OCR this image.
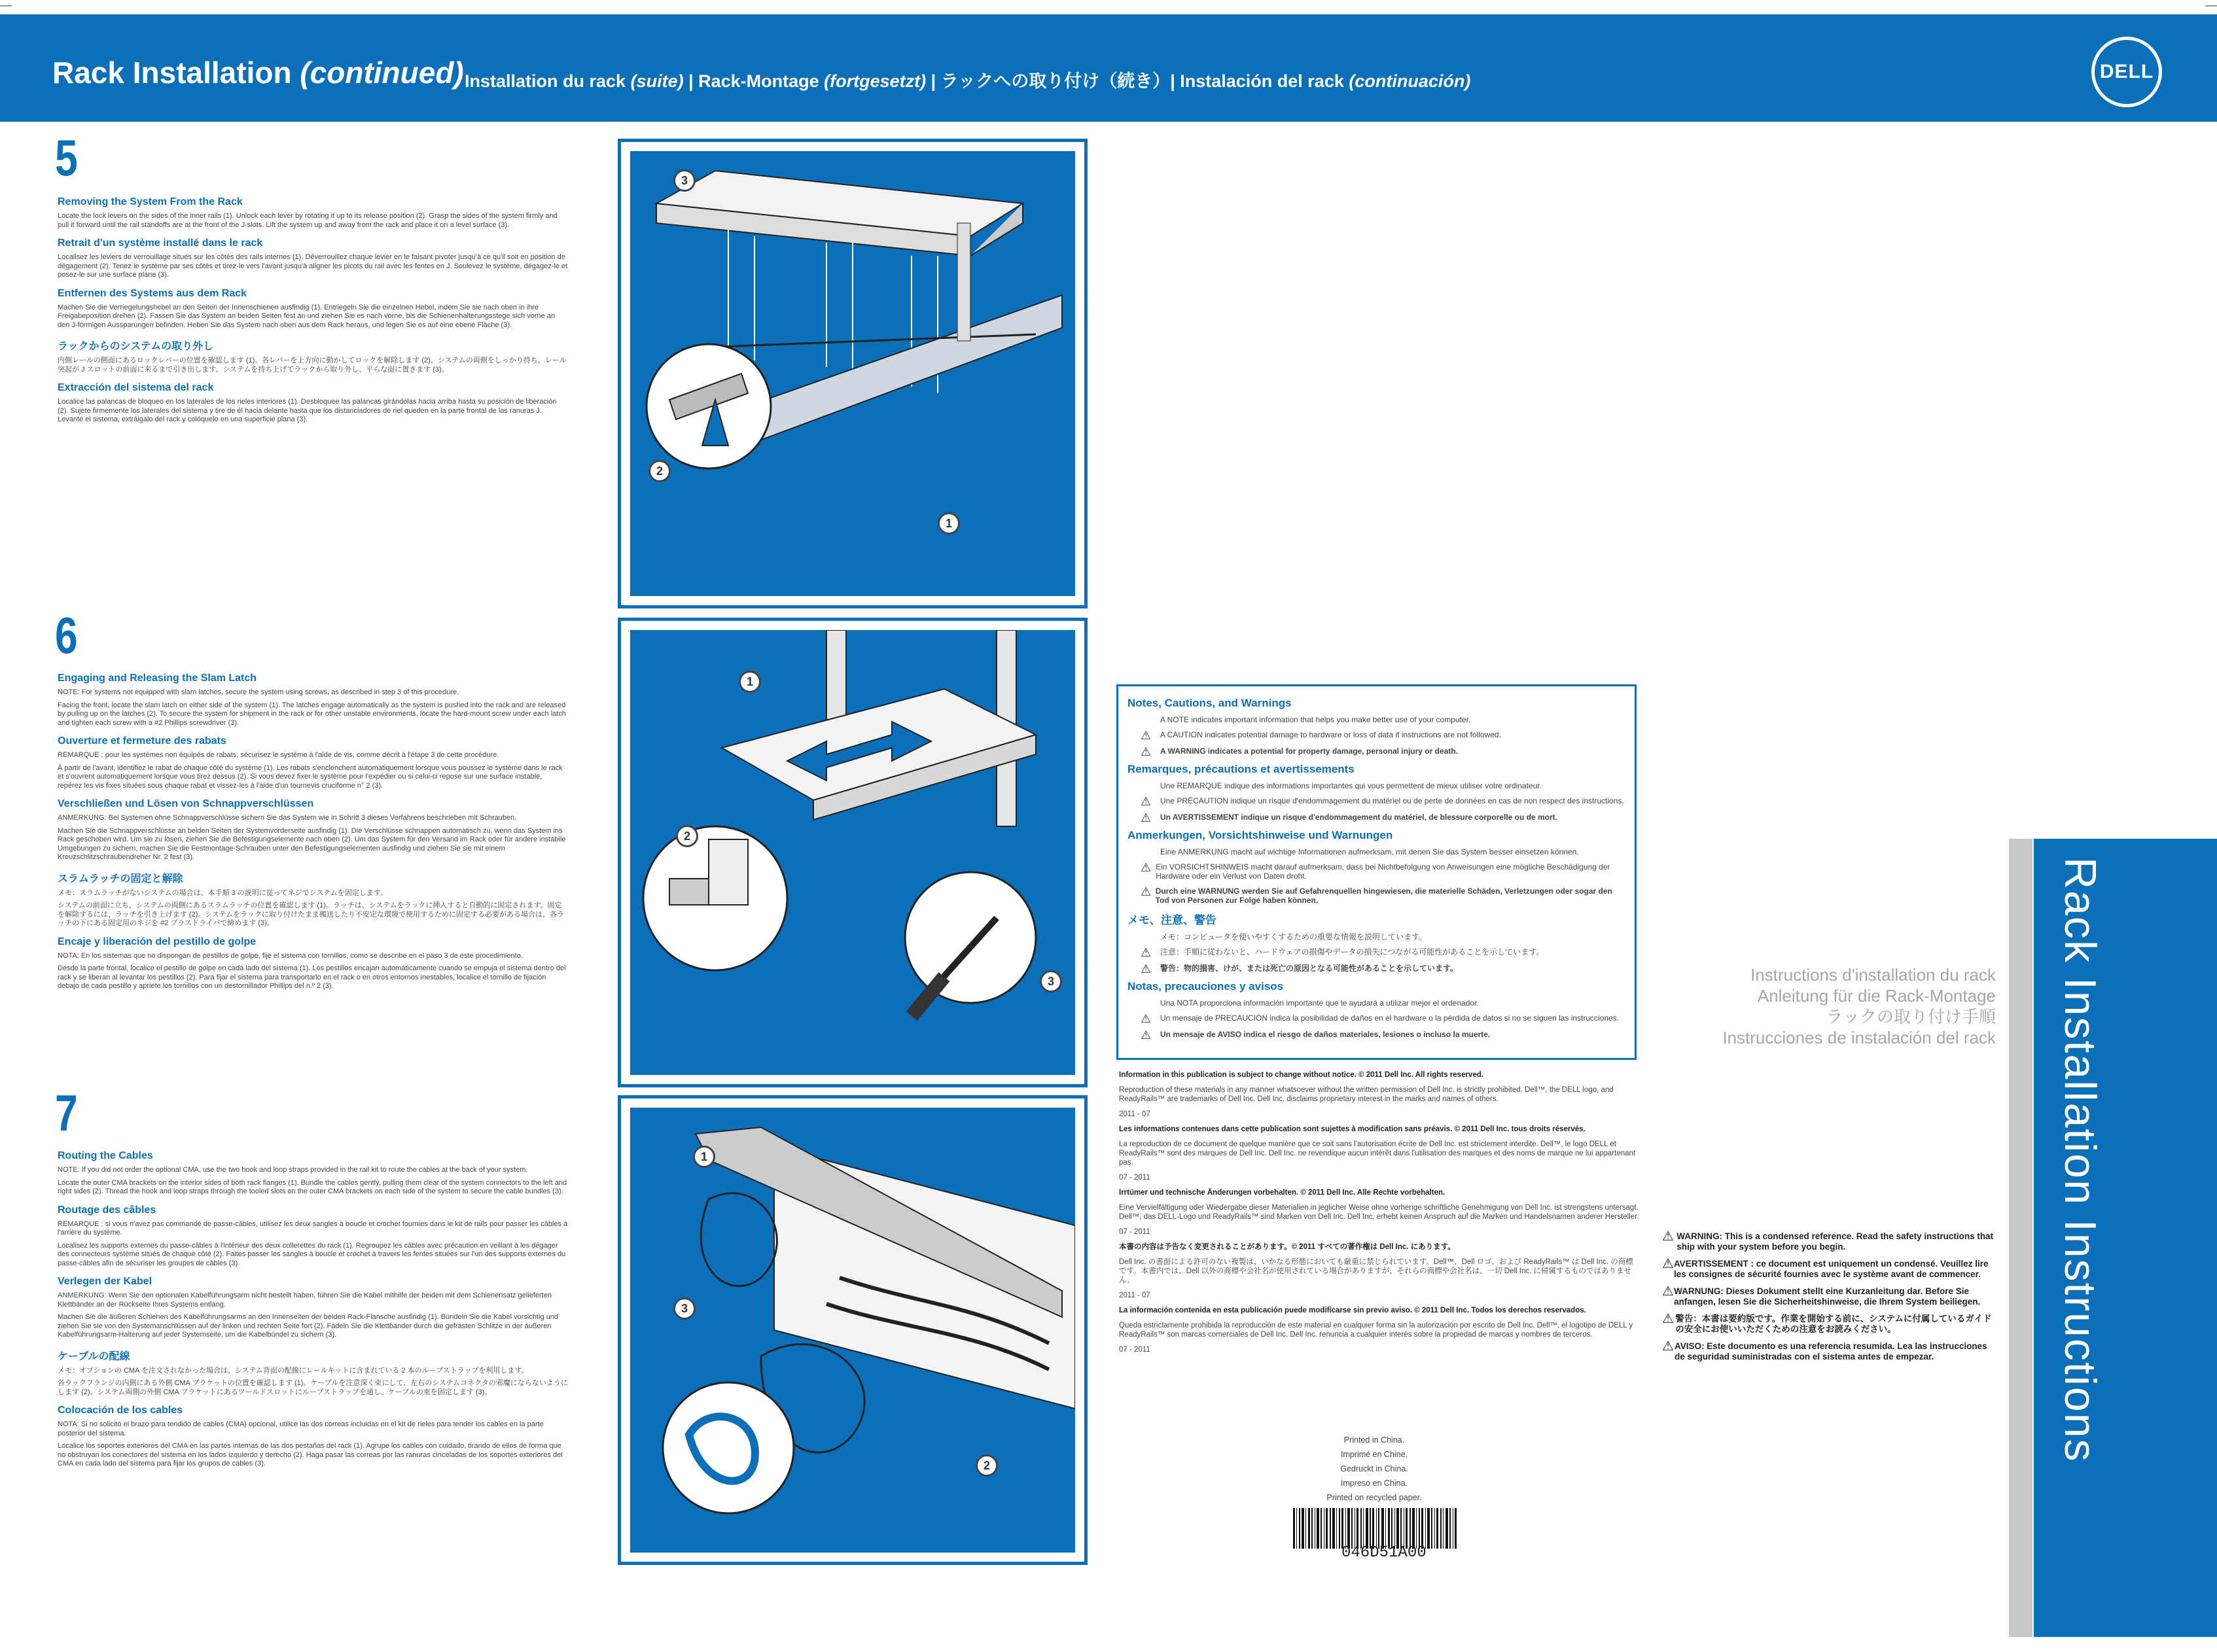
Rack Installation (continued) Installation du rack (suite) | Rack-Montage (fortgesetzt) | ラックへの取り付け（続き）| Instalación del rack (continuación)	DELL
5
Removing the System From the Rack

Locate the lock levers on the sides of the inner rails (1). Unlock each lever by rotating it up to its release position (2). Grasp the sides of the system firmly and pull it forward until the rail standoffs are at the front of the J-slots. Lift the system up and away from the rack and place it on a level surface (3).

Retrait d'un système installé dans le rack

Localisez les leviers de verrouillage situés sur les côtés des rails internes (1). Déverrouillez chaque levier en le faisant pivoter jusqu'à ce qu'il soit en position de dégagement (2). Tenez le système par ses côtés et tirez-le vers l'avant jusqu'à aligner les picots du rail avec les fentes en J. Soulevez le système, dégagez-le et posez-le sur une surface plane (3).

Entfernen des Systems aus dem Rack

Machen Sie die Verriegelungshebel an den Seiten der Innenschienen ausfindig (1). Entriegeln Sie die einzelnen Hebel, indem Sie sie nach oben in ihre Freigabeposition drehen (2). Fassen Sie das System an beiden Seiten fest an und ziehen Sie es nach vorne, bis die Schienenhalterungsstege sich vorne an den J-förmigen Aussparungen befinden. Heben Sie das System nach oben aus dem Rack heraus, und legen Sie es auf eine ebene Fläche (3).

ラックからのシステムの取り外し

内側レールの側面にあるロックレバーの位置を確認します (1)。各レバーを上方向に動かしてロックを解除します (2)。システムの両側をしっかり持ち、レール突起が J スロットの前面に来るまで引き出します。システムを持ち上げてラックから取り外し、平らな面に置きます (3)。

Extracción del sistema del rack

Localice las palancas de bloqueo en los laterales de los rieles interiores (1). Desbloquee las palancas girándolas hacia arriba hasta su posición de liberación (2). Sujete firmemente los laterales del sistema y tire de él hacia delante hasta que los distanciadores de riel queden en la parte frontal de las ranuras J. Levante el sistema, extráigalo del rack y colóquelo en una superficie plana (3).

3
2
1
6
Engaging and Releasing the Slam Latch

NOTE: For systems not equipped with slam latches, secure the system using screws, as described in step 3 of this procedure.

Facing the front, locate the slam latch on either side of the system (1). The latches engage automatically as the system is pushed into the rack and are released by pulling up on the latches (2). To secure the system for shipment in the rack or for other unstable environments, locate the hard-mount screw under each latch and tighten each screw with a #2 Phillips screwdriver (3).

Ouverture et fermeture des rabats

REMARQUE : pour les systèmes non équipés de rabats, sécurisez le système à l'aide de vis, comme décrit à l'étape 3 de cette procédure.

À partir de l'avant, identifiez le rabat de chaque côté du système (1). Les rabats s'enclenchent automatiquement lorsque vous poussez le système dans le rack et s'ouvrent automatiquement lorsque vous tirez dessus (2). Si vous devez fixer le système pour l'expédier ou si celui-ci repose sur une surface instable, repérez les vis fixes situées sous chaque rabat et vissez-les à l'aide d'un tournevis cruciforme n° 2 (3).

Verschließen und Lösen von Schnappverschlüssen

ANMERKUNG: Bei Systemen ohne Schnappverschlüsse sichern Sie das System wie in Schritt 3 dieses Verfahrens beschrieben mit Schrauben.

Machen Sie die Schnappverschlüsse an beiden Seiten der Systemvorderseite ausfindig (1). Die Verschlüsse schnappen automatisch zu, wenn das System ins Rack geschoben wird. Um sie zu lösen, ziehen Sie die Befestigungselemente nach oben (2). Um das System für den Versand im Rack oder für andere instabile Umgebungen zu sichern, machen Sie die Festmontage-Schrauben unter den Befestigungselementen ausfindig und ziehen Sie sie mit einem Kreuzschlitzschraubendreher Nr. 2 fest (3).

スラムラッチの固定と解除

メモ：スラムラッチがないシステムの場合は、本手順 3 の説明に従ってネジでシステムを固定します。

システムの前面に立ち、システムの両側にあるスラムラッチの位置を確認します (1)。ラッチは、システムをラックに挿入すると自動的に固定されます。固定を解除するには、ラッチを引き上げます (2)。システムをラックに取り付けたまま搬送したり不安定な環境で使用するために固定する必要がある場合は、各ラッチの下にある固定用のネジを #2 プラスドライバで締めます (3)。

Encaje y liberación del pestillo de golpe

NOTA: En los sistemas que no dispongan de pestillos de golpe, fije el sistema con tornillos, como se describe en el paso 3 de este procedimiento.

Desde la parte frontal, localice el pestillo de golpe en cada lado del sistema (1). Los pestillos encajan automáticamente cuando se empuja el sistema dentro del rack y se liberan al levantar los pestillos (2). Para fijar el sistema para transportarlo en el rack o en otros entornos inestables, localice el tornillo de fijación debajo de cada pestillo y apriete los tornillos con un destornillador Phillips del n.º 2 (3).

1
2
3
7
Routing the Cables

NOTE: If you did not order the optional CMA, use the two hook and loop straps provided in the rail kit to route the cables at the back of your system.

Locate the outer CMA brackets on the interior sides of both rack flanges (1). Bundle the cables gently, pulling them clear of the system connectors to the left and right sides (2). Thread the hook and loop straps through the tooled slots on the outer CMA brackets on each side of the system to secure the cable bundles (3).

Routage des câbles

REMARQUE : si vous n'avez pas commandé de passe-câbles, utilisez les deux sangles à boucle et crochet fournies dans le kit de rails pour passer les câbles à l'arrière du système.

Localisez les supports externes du passe-câbles à l'intérieur des deux collerettes du rack (1). Regroupez les câbles avec précaution en veillant à les dégager des connecteurs système situés de chaque côté (2). Faites passer les sangles à boucle et crochet à travers les fentes situées sur l'un des supports externes du passe-câbles afin de sécuriser les groupes de câbles (3).

Verlegen der Kabel

ANMERKUNG: Wenn Sie den optionalen Kabelführungsarm nicht bestellt haben, führen Sie die Kabel mithilfe der beiden mit dem Schienensatz gelieferten Klettbänder an der Rückseite Ihres Systems entlang.

Machen Sie die äußeren Schienen des Kabelführungsarms an den Innenseiten der beiden Rack-Flansche ausfindig (1). Bündeln Sie die Kabel vorsichtig und ziehen Sie sie von den Systemanschlüssen auf der linken und rechten Seite fort (2). Fädeln Sie die Klettbänder durch die gefrästen Schlitze in der äußeren Kabelführungsarm-Halterung auf jeder Systemseite, um die Kabelbündel zu sichern (3).

ケーブルの配線

メモ：オプションの CMA を注文されなかった場合は、システム背面の配線にレールキットに含まれている 2 本のループストラップを利用します。

各ラックフランジの内側にある外側 CMA ブラケットの位置を確認します (1)。ケーブルを注意深く束にして、左右のシステムコネクタの邪魔にならないようにします (2)。システム両側の外側 CMA ブラケットにあるツールドスロットにループストラップを通し、ケーブルの束を固定します (3)。

Colocación de los cables

NOTA: Si no solicitó el brazo para tendido de cables (CMA) opcional, utilice las dos correas incluidas en el kit de rieles para tender los cables en la parte posterior del sistema.

Localice los soportes exteriores del CMA en las partes internas de las dos pestañas del rack (1). Agrupe los cables con cuidado, tirando de ellos de forma que no obstruyan los conectores del sistema en los lados izquierdo y derecho (2). Haga pasar las correas por las ranuras cinceladas de los soportes exteriores del CMA en cada lado del sistema para fijar los grupos de cables (3).

1
3
2
Notes, Cautions, and Warnings
A NOTE indicates important information that helps you make better use of your computer.
⚠	A CAUTION indicates potential damage to hardware or loss of data if instructions are not followed.
⚠	A WARNING indicates a potential for property damage, personal injury or death.
Remarques, précautions et avertissements
Une REMARQUE indique des informations importantes qui vous permettent de mieux utiliser votre ordinateur.
⚠	Une PRÉCAUTION indique un risque d'endommagement du matériel ou de perte de données en cas de non respect des instructions.
⚠	Un AVERTISSEMENT indique un risque d'endommagement du matériel, de blessure corporelle ou de mort.
Anmerkungen, Vorsichtshinweise und Warnungen
Eine ANMERKUNG macht auf wichtige Informationen aufmerksam, mit denen Sie das System besser einsetzen können.
⚠ Ein VORSICHTSHINWEIS macht darauf aufmerksam, dass bei Nichtbefolgung von Anweisungen eine mögliche Beschädigung der Hardware oder ein Verlust von Daten droht.
⚠ Durch eine WARNUNG werden Sie auf Gefahrenquellen hingewiesen, die materielle Schäden, Verletzungen oder sogar den Tod von Personen zur Folge haben können.
メモ、注意、警告
メモ：コンピュータを使いやすくするための重要な情報を説明しています。
⚠	注意：手順に従わないと、ハードウェアの損傷やデータの損失につながる可能性があることを示しています。
⚠	警告：物的損害、けが、または死亡の原因となる可能性があることを示しています。
Notas, precauciones y avisos
Una NOTA proporciona información importante que le ayudará a utilizar mejor el ordenador.
⚠	Un mensaje de PRECAUCIÓN indica la posibilidad de daños en el hardware o la pérdida de datos si no se siguen las instrucciones.
⚠	Un mensaje de AVISO indica el riesgo de daños materiales, lesiones o incluso la muerte.

Information in this publication is subject to change without notice. © 2011 Dell Inc. All rights reserved.

Reproduction of these materials in any manner whatsoever without the written permission of Dell Inc. is strictly prohibited. Dell™, the DELL logo, and ReadyRails™ are trademarks of Dell Inc. Dell Inc. disclaims proprietary interest in the marks and names of others.

2011 - 07

Les informations contenues dans cette publication sont sujettes à modification sans préavis. © 2011 Dell Inc. tous droits réservés.

La reproduction de ce document de quelque manière que ce soit sans l'autorisation écrite de Dell Inc. est strictement interdite. Dell™, le logo DELL et ReadyRails™ sont des marques de Dell Inc. Dell Inc. ne revendique aucun intérêt dans l'utilisation des marques et des noms de marque ne lui appartenant pas.

07 - 2011

Irrtümer und technische Änderungen vorbehalten. © 2011 Dell Inc. Alle Rechte vorbehalten.

Eine Vervielfältigung oder Wiedergabe dieser Materialien in jeglicher Weise ohne vorherige schriftliche Genehmigung von Dell Inc. ist strengstens untersagt. Dell™, das DELL-Logo und ReadyRails™ sind Marken von Dell Inc. Dell Inc. erhebt keinen Anspruch auf die Marken und Handelsnamen anderer Hersteller.

07 - 2011

本書の内容は予告なく変更されることがあります。© 2011 すべての著作権は Dell Inc. にあります。

Dell Inc. の書面による許可のない複製は、いかなる形態においても厳重に禁じられています。Dell™、Dell ロゴ、および ReadyRails™ は Dell Inc. の商標です。本書内では、Dell 以外の商標や会社名が使用されている場合がありますが、それらの商標や会社名は、一切 Dell Inc. に帰属するものではありません。

2011 - 07

La información contenida en esta publicación puede modificarse sin previo aviso. © 2011 Dell Inc. Todos los derechos reservados.

Queda estrictamente prohibida la reproducción de este material en cualquier forma sin la autorización por escrito de Dell Inc. Dell™, el logotipo de DELL y ReadyRails™ son marcas comerciales de Dell Inc. Dell Inc. renuncia a cualquier interés sobre la propiedad de marcas y nombres de terceros.

07 - 2011

Printed in China.
Imprimé en Chine.
Gedruckt in China.
Impreso en China.
Printed on recycled paper.
046D51A00
Instructions d'installation du rack
Anleitung für die Rack-Montage
ラックの取り付け手順
Instrucciones de instalación del rack Rack Installation Instructions
⚠ WARNING: This is a condensed reference. Read the safety instructions that ship with your system before you begin.
⚠ AVERTISSEMENT : ce document est uniquement un condensé. Veuillez lire les consignes de sécurité fournies avec le système avant de commencer.
⚠ WARNUNG: Dieses Dokument stellt eine Kurzanleitung dar. Before Sie anfangen, lesen Sie die Sicherheitshinweise, die Ihrem System beiliegen.
⚠ 警告：本書は要約版です。作業を開始する前に、システムに付属しているガイドの安全にお使いいただくための注意をお読みください。
⚠ AVISO: Este documento es una referencia resumida. Lea las instrucciones de seguridad suministradas con el sistema antes de empezar.
